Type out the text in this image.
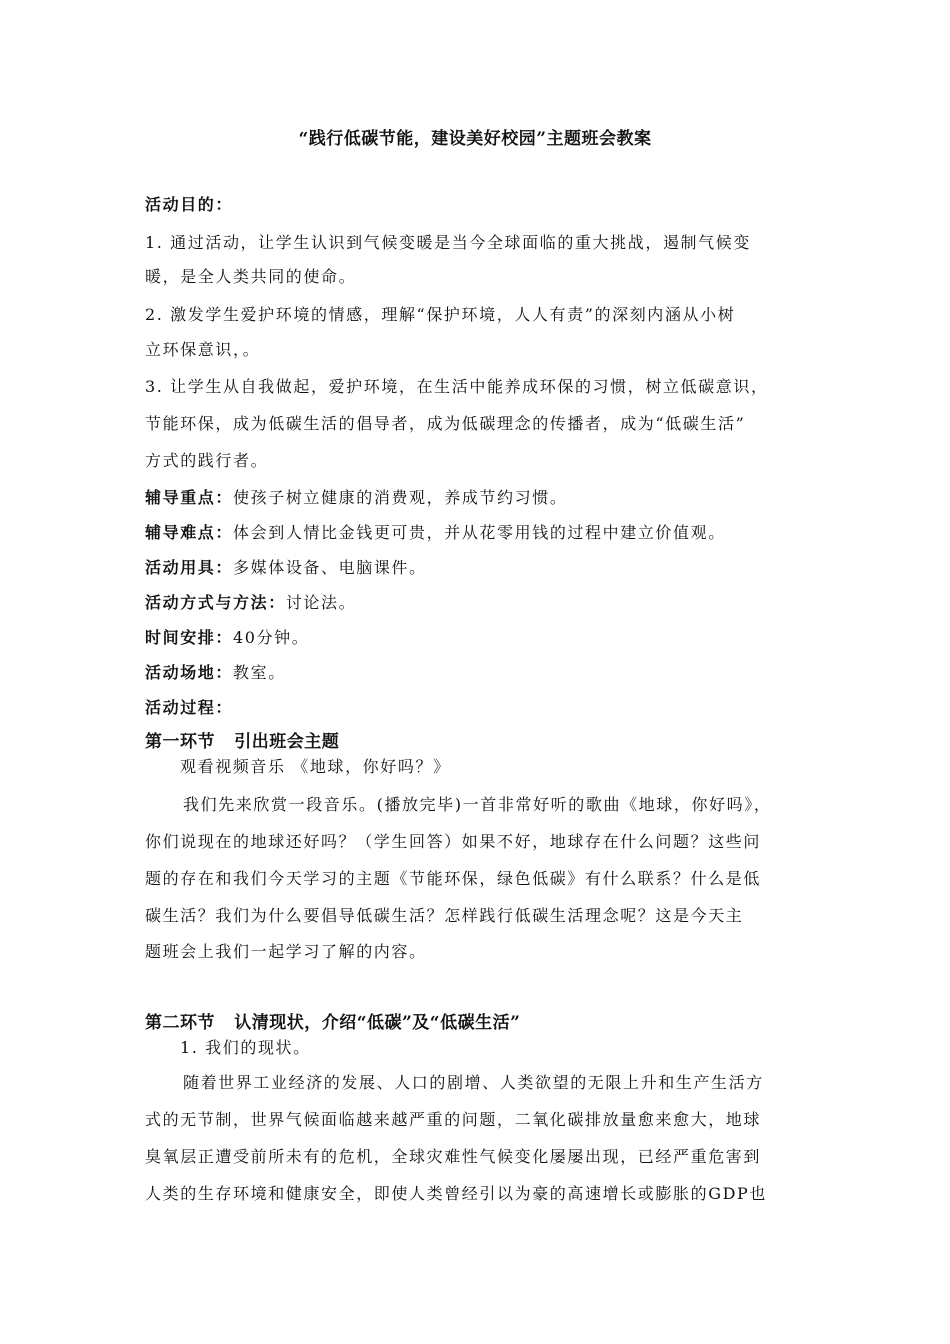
“践行低碳节能，建设美好校园”主题班会教案
活动目的：
1. 通过活动，让学生认识到气候变暖是当今全球面临的重大挑战，遏制气候变
暖，是全人类共同的使命。
2. 激发学生爱护环境的情感，理解“保护环境，人人有责”的深刻内涵从小树
立环保意识，。
3. 让学生从自我做起，爱护环境，在生活中能养成环保的习惯，树立低碳意识，
节能环保，成为低碳生活的倡导者，成为低碳理念的传播者，成为“低碳生活”
方式的践行者。
辅导重点：使孩子树立健康的消费观，养成节约习惯。
辅导难点：体会到人情比金钱更可贵，并从花零用钱的过程中建立价值观。
活动用具：多媒体设备、电脑课件。
活动方式与方法：讨论法。
时间安排：40分钟。
活动场地：教室。
活动过程：
第一环节   引出班会主题
观看视频音乐 《地球，你好吗？》
我们先来欣赏一段音乐。(播放完毕)一首非常好听的歌曲《地球，你好吗》，
你们说现在的地球还好吗？（学生回答）如果不好，地球存在什么问题？这些问
题的存在和我们今天学习的主题《节能环保，绿色低碳》有什么联系？什么是低
碳生活？我们为什么要倡导低碳生活？怎样践行低碳生活理念呢？这是今天主
题班会上我们一起学习了解的内容。
第二环节   认清现状，介绍“低碳”及“低碳生活”
1. 我们的现状。
随着世界工业经济的发展、人口的剧增、人类欲望的无限上升和生产生活方
式的无节制，世界气候面临越来越严重的问题，二氧化碳排放量愈来愈大，地球
臭氧层正遭受前所未有的危机，全球灾难性气候变化屡屡出现，已经严重危害到
人类的生存环境和健康安全，即使人类曾经引以为豪的高速增长或膨胀的GDP也
